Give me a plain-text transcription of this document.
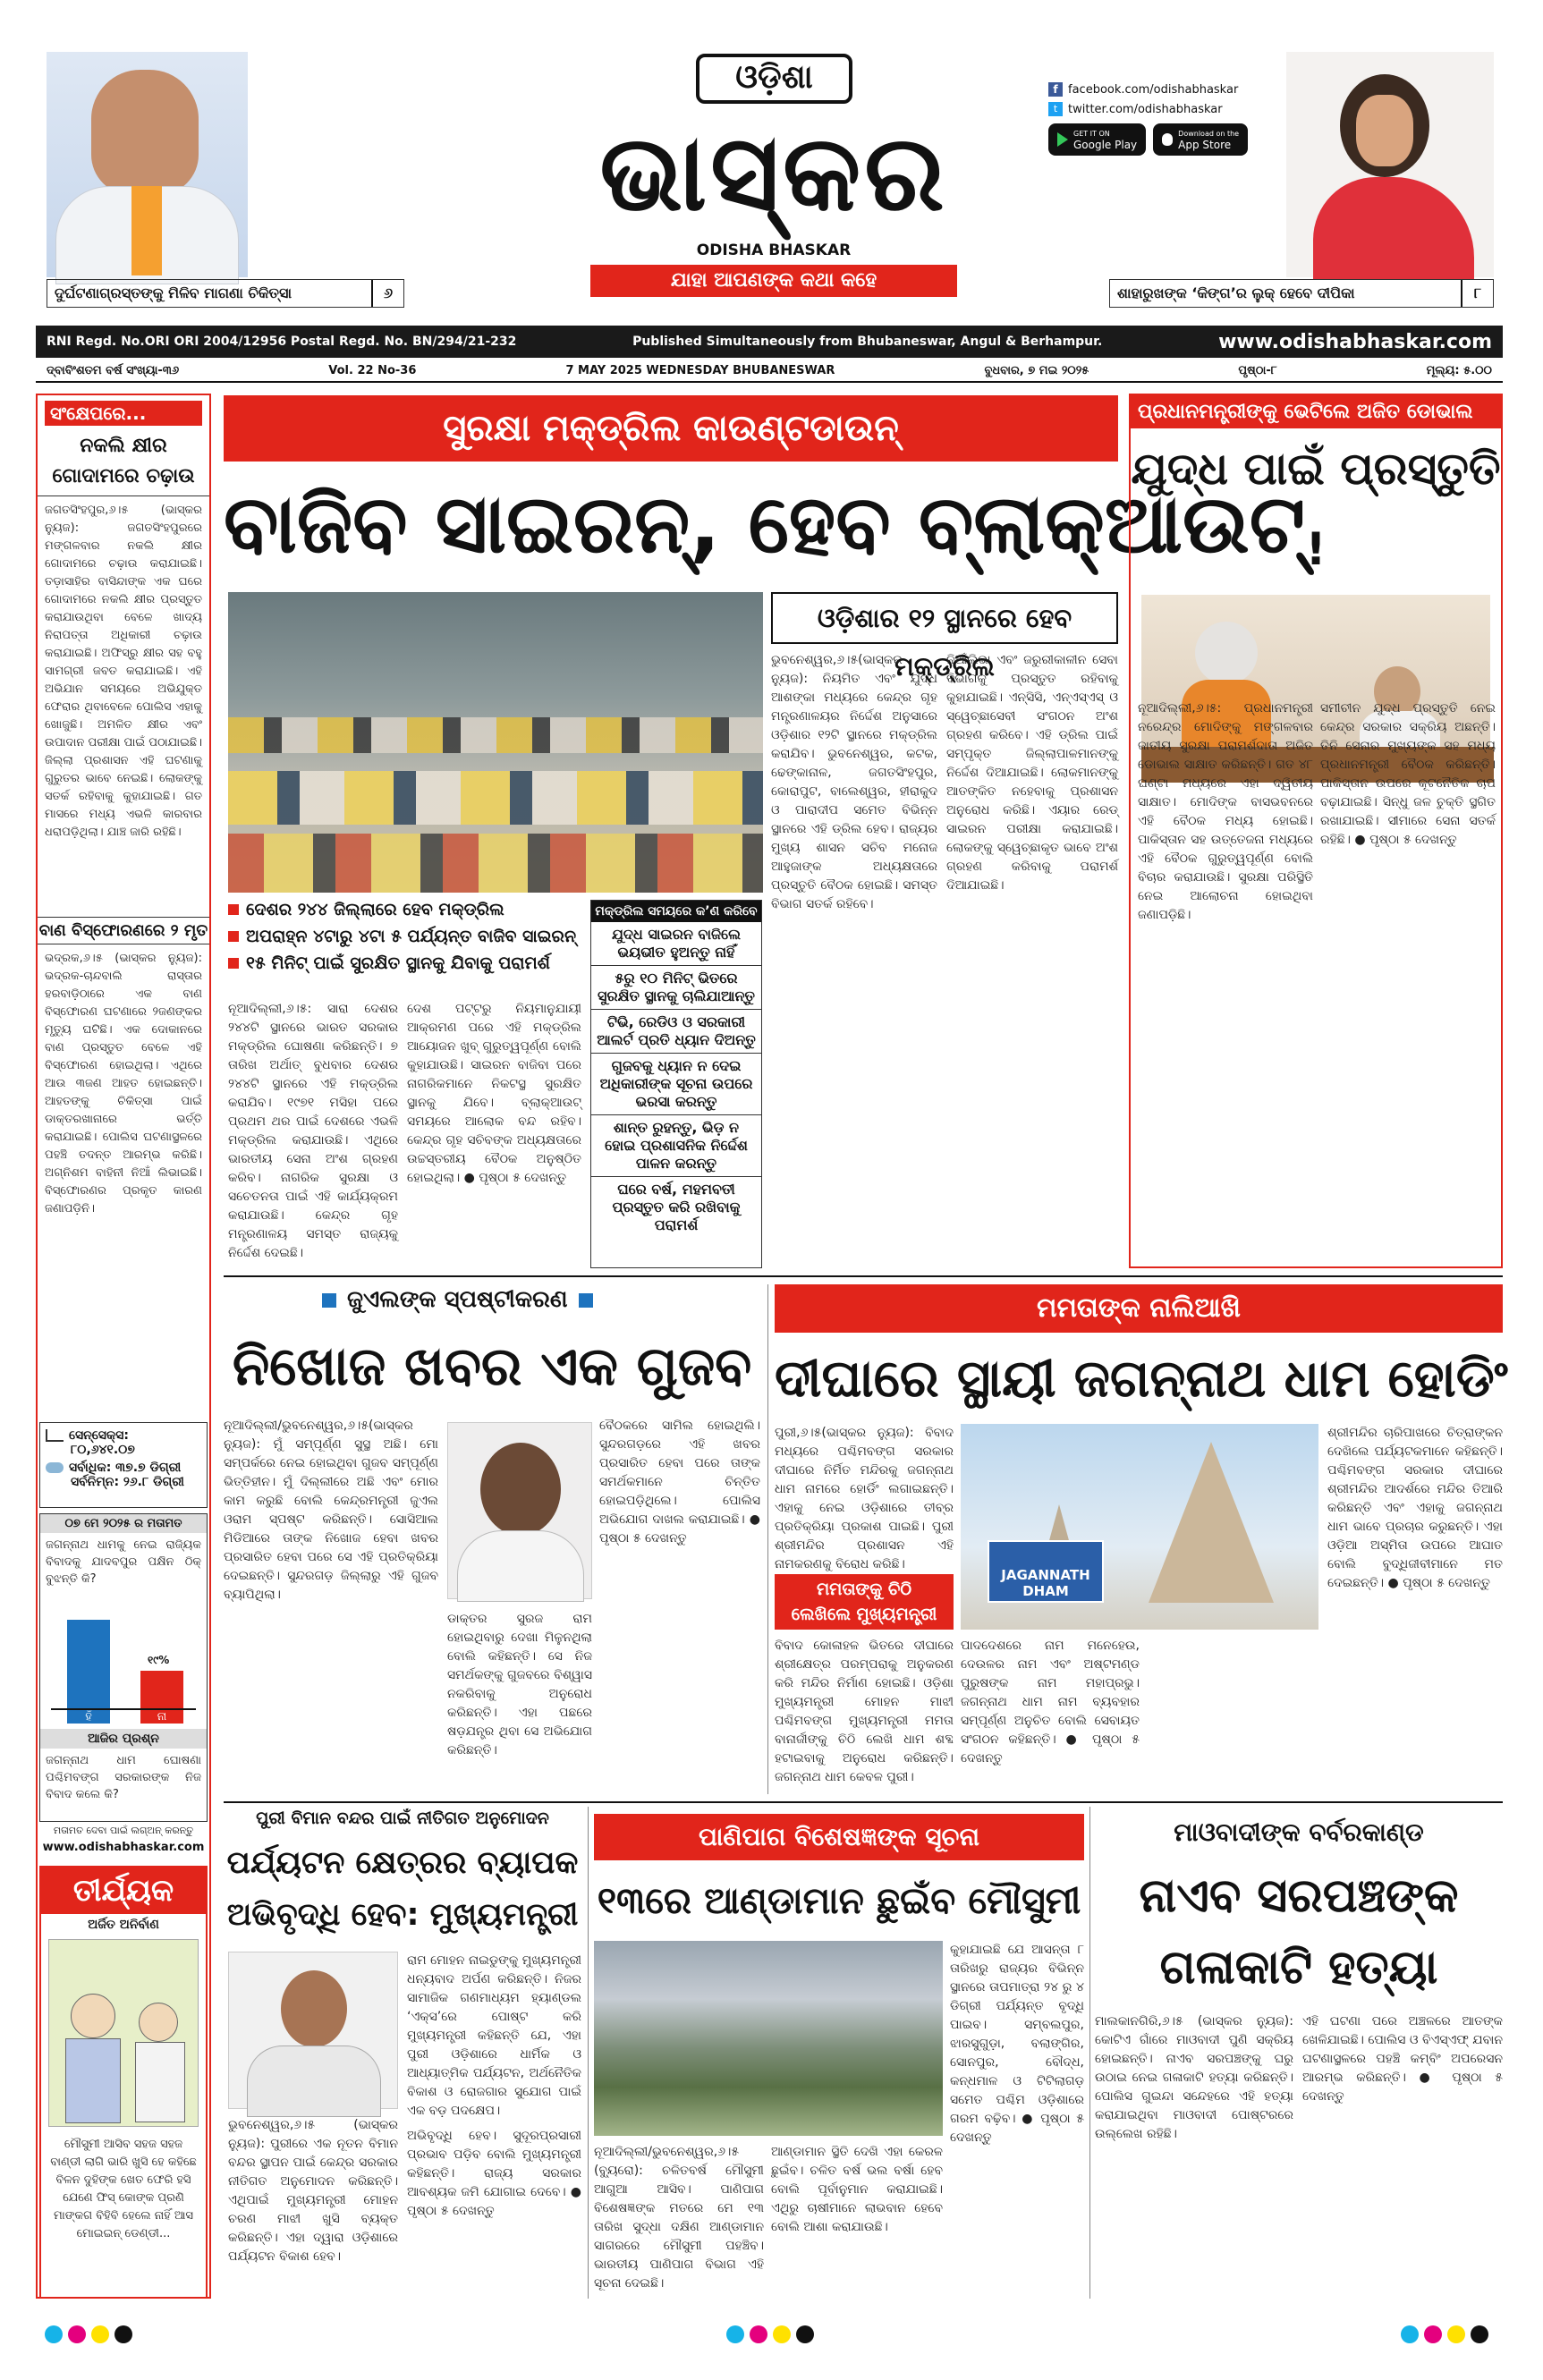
ଓଡ଼ିଶା
ଭାସ୍କର
ODISHA BHASKAR
ଯାହା ଆପଣଙ୍କ କଥା କହେ
f facebook.com/odishabhaskar
t twitter.com/odishabhaskar
GET IT ON
Google Play
Download on the
App Store
ଦୁର୍ଘଟଣାଗ୍ରସ୍ତଙ୍କୁ ମିଳିବ ମାଗଣା ଚିକିତ୍ସା	୬	ଶାହାରୁଖଙ୍କ ‘କିଙ୍ଗ’ର ଲୁକ୍ ହେବେ ଦୀପିକା	୮
RNI Regd. No.ORI ORI 2004/12956 Postal Regd. No. BN/294/21-232	Published Simultaneously from Bhubaneswar, Angul & Berhampur.	www.odishabhaskar.com
ଦ୍ବାବିଂଶତମ ବର୍ଷ ସଂଖ୍ୟା-୩୬	Vol. 22 No-36	7 MAY 2025 WEDNESDAY BHUBANESWAR	ବୁଧବାର, ୭ ମଇ ୨୦୨୫	ପୃଷ୍ଠା-୮	ମୂଲ୍ୟ: ୫.୦୦
ସଂକ୍ଷେପରେ...
ନକଲି କ୍ଷୀର
ଗୋଦାମରେ ଚଢ଼ାଉ
ଜଗତସିଂହପୁର,୬।୫ (ଭାସ୍କର ନ୍ୟୁଜ): ଜଗତସିଂହପୁରରେ ମଙ୍ଗଳବାର ନକଲି କ୍ଷୀର ଗୋଦାମରେ ଚଢ଼ାଉ କରାଯାଇଛି। ତଡ଼ାସାହିର ବାସିନ୍ଦାଙ୍କ ଏକ ଘରେ ଗୋଦାମରେ ନକଲି କ୍ଷୀର ପ୍ରସ୍ତୁତ କରାଯାଉଥିବା ବେଳେ ଖାଦ୍ୟ ନିରାପତ୍ତା ଅଧିକାରୀ ଚଢ଼ାଉ କରାଯାଇଛି। ଅଫିସ୍ରୁ କ୍ଷୀର ସହ ବହୁ ସାମଗ୍ରୀ ଜବତ କରାଯାଇଛି। ଏହି ଅଭିଯାନ ସମୟରେ ଅଭିଯୁକ୍ତ ଫେରାର ଥିବାବେଳେ ପୋଲିସ ଏହାକୁ ଖୋଜୁଛି। ଅମଳିତ କ୍ଷୀର ଏବଂ ଉପାଦାନ ପରୀକ୍ଷା ପାଇଁ ପଠାଯାଇଛି। ଜିଲ୍ଲା ପ୍ରଶାସନ ଏହି ଘଟଣାକୁ ଗୁରୁତର ଭାବେ ନେଇଛି। ଲୋକଙ୍କୁ ସତର୍କ ରହିବାକୁ କୁହାଯାଇଛି। ଗତ ମାସରେ ମଧ୍ୟ ଏଭଳି କାରବାର ଧରାପଡ଼ିଥିଲା। ଯାଞ୍ଚ ଜାରି ରହିଛି।
ବାଣ ବିସ୍ଫୋରଣରେ ୨ ମୃତ
ଭଦ୍ରକ,୬।୫ (ଭାସ୍କର ନ୍ୟୁଜ): ଭଦ୍ରକ-ଚାନ୍ଦବାଲି ରାସ୍ତାର ହରବାଡ଼ିଠାରେ ଏକ ବାଣ ବିସ୍ଫୋରଣ ଘଟଣାରେ ୨ଜଣଙ୍କର ମୃତ୍ୟୁ ଘଟିଛି। ଏକ ଦୋକାନରେ ବାଣ ପ୍ରସ୍ତୁତ ବେଳେ ଏହି ବିସ୍ଫୋରଣ ହୋଇଥିଲା। ଏଥିରେ ଆଉ ୩ଜଣ ଆହତ ହୋଇଛନ୍ତି। ଆହତଙ୍କୁ ଚିକିତ୍ସା ପାଇଁ ଡାକ୍ତରଖାନାରେ ଭର୍ତ୍ତି କରାଯାଇଛି। ପୋଲିସ ଘଟଣାସ୍ଥଳରେ ପହଞ୍ଚି ତଦନ୍ତ ଆରମ୍ଭ କରିଛି। ଅଗ୍ନିଶମ ବାହିନୀ ନିଆଁ ଲିଭାଇଛି। ବିସ୍ଫୋରଣର ପ୍ରକୃତ କାରଣ ଜଣାପଡ଼ିନି।
ସେନ୍‌ସେକ୍ସ:
୮୦,୬୪୧.୦୭
ସର୍ବାଧିକ: ୩୭.୭ ଡିଗ୍ରୀ
ସର୍ବନିମ୍ନ: ୨୬.୮ ଡିଗ୍ରୀ
୦୭ ମେ ୨୦୨୫ ର ମତାମତ
ଜଗନ୍ନାଥ ଧାମକୁ ନେଇ ରାଜ୍ୟିକ ବିବାଦକୁ ଯାଦବପୁର ପକ୍ଷିନ ଠିକ୍ ବୁଝନ୍ତି କି?
୧୯%
ହଁ	ନା
ଆଜିର ପ୍ରଶ୍ନ
ଜଗନ୍ନାଥ ଧାମ ଘୋଷଣା ପଶ୍ଚିମବଙ୍ଗ ସରକାରଙ୍କ ନିଜ ବିବାଦ କଲେ କି?
ମତାମତ ଦେବା ପାଇଁ ଲଗ୍‌ଅନ୍ କରନ୍ତୁ
www.odishabhaskar.com
ତୀର୍ଯ୍ୟକ
ଅର୍ଜିତ ଅନିର୍ବାଣ
ମୌସୁମୀ ଆସିବ ସହଜ ସହଜ ବାଣ୍ଡୀ ଲାଗି ଭାରି ଖୁସି ହେ କହିଛେ ବିଳନ ଦୁହିଙ୍କ ଖେତ ଫେରି ହସି ଯେଣେ ଫିସ୍ କୋଙ୍କ ପ୍ରଣି ମାଙ୍କଗ ବିହିବି ହେଲେ ନାହିଁ ଆସ ମୋଇଇନ୍ ଡେଣ୍ଡୀ...
ସୁରକ୍ଷା ମକ୍‌ଡ୍ରିଲ କାଉଣ୍ଟଡାଉନ୍
ବାଜିବ ସାଇରନ୍, ହେବ ବ୍ଲାକ୍‌ଆଉଟ୍
ଓଡ଼ିଶାର ୧୨ ସ୍ଥାନରେ ହେବ ମକ୍‌ଡ୍ରିଲ
ଭୁବନେଶ୍ୱର,୬।୫(ଭାସ୍କର ନ୍ୟୁଜ): ନିୟମିତ ଏବଂ ଯୁଦ୍ଧ ଆଶଙ୍କା ମଧ୍ୟରେ କେନ୍ଦ୍ର ଗୃହ ମନ୍ତ୍ରଣାଳୟର ନିର୍ଦ୍ଦେଶ ଅନୁସାରେ ଓଡ଼ିଶାର ୧୨ଟି ସ୍ଥାନରେ ମକ୍‌ଡ୍ରିଲ କରାଯିବ। ଭୁବନେଶ୍ୱର, କଟକ, ଢେଙ୍କାନାଳ, ଜଗତସିଂହପୁର, କୋରାପୁଟ, ବାଲେଶ୍ୱର, ହୀରାକୁଦ ଓ ପାରାଦୀପ ସମେତ ବିଭିନ୍ନ ସ୍ଥାନରେ ଏହି ଡ୍ରିଲ ହେବ। ରାଜ୍ୟର ମୁଖ୍ୟ ଶାସନ ସଚିବ ମନୋଜ ଆହୁଜାଙ୍କ ଅଧ୍ୟକ୍ଷତାରେ ପ୍ରସ୍ତୁତି ବୈଠକ ହୋଇଛି। ସମସ୍ତ ବିଭାଗ ସତର୍କ ରହିବେ।
ନିଆଁଲିଭା ଏବଂ ଜରୁରୀକାଳୀନ ସେବା ବିଭାଗକୁ ପ୍ରସ୍ତୁତ ରହିବାକୁ କୁହାଯାଇଛି। ଏନ୍‌ସିସି, ଏନ୍‌ଏସ୍‌ଏସ୍ ଓ ସ୍ୱେଚ୍ଛାସେବୀ ସଂଗଠନ ଅଂଶ ଗ୍ରହଣ କରିବେ। ଏହି ଡ୍ରିଲ ପାଇଁ ସମ୍ପୃକ୍ତ ଜିଲ୍ଲାପାଳମାନଙ୍କୁ ନିର୍ଦ୍ଦେଶ ଦିଆଯାଇଛି। ଲୋକମାନଙ୍କୁ ଆତଙ୍କିତ ନହେବାକୁ ପ୍ରଶାସନ ଅନୁରୋଧ କରିଛି। ଏୟାର ରେଡ୍ ସାଇରନ ପରୀକ୍ଷା କରାଯାଇଛି। ଲୋକଙ୍କୁ ସ୍ୱେଚ୍ଛାକୃତ ଭାବେ ଅଂଶ ଗ୍ରହଣ କରିବାକୁ ପରାମର୍ଶ ଦିଆଯାଇଛି।
ଦେଶର ୨୪୪ ଜିଲ୍ଲାରେ ହେବ ମକ୍‌ଡ୍ରିଲ
ଅପରାହ୍ନ ୪ଟାରୁ ୪ଟା ୫ ପର୍ଯ୍ୟନ୍ତ ବାଜିବ ସାଇରନ୍
୧୫ ମିନିଟ୍ ପାଇଁ ସୁରକ୍ଷିତ ସ୍ଥାନକୁ ଯିବାକୁ ପରାମର୍ଶ
ମକ୍‌ଡ୍ରିଲ ସମୟରେ କ’ଣ କରିବେ
ଯୁଦ୍ଧ ସାଇରନ ବାଜିଲେ ଭୟଭୀତ ହୁଅନ୍ତୁ ନାହିଁ
୫ରୁ ୧୦ ମିନିଟ୍ ଭିତରେ ସୁରକ୍ଷିତ ସ୍ଥାନକୁ ଚାଲିଯାଆନ୍ତୁ
ଟିଭି, ରେଡିଓ ଓ ସରକାରୀ ଆଲର୍ଟ ପ୍ରତି ଧ୍ୟାନ ଦିଅନ୍ତୁ
ଗୁଜବକୁ ଧ୍ୟାନ ନ ଦେଇ ଅଧିକାରୀଙ୍କ ସୂଚନା ଉପରେ ଭରସା କରନ୍ତୁ
ଶାନ୍ତ ରୁହନ୍ତୁ, ଭିଡ଼ ନ ହୋଇ ପ୍ରଶାସନିକ ନିର୍ଦ୍ଦେଶ ପାଳନ କରନ୍ତୁ
ଘରେ ବର୍ଷ, ମହମବତୀ ପ୍ରସ୍ତୁତ କରି ରଖିବାକୁ ପରାମର୍ଶ
ନୂଆଦିଲ୍ଲୀ,୬।୫: ସାରା ଦେଶର ୨୪୪ଟି ସ୍ଥାନରେ ଭାରତ ସରକାର ମକ୍‌ଡ୍ରିଲ ଘୋଷଣା କରିଛନ୍ତି। ୭ ତାରିଖ ଅର୍ଥାତ୍ ବୁଧବାର ଦେଶର ୨୪୪ଟି ସ୍ଥାନରେ ଏହି ମକ୍‌ଡ୍ରିଲ କରାଯିବ। ୧୯୭୧ ମସିହା ପରେ ପ୍ରଥମ ଥର ପାଇଁ ଦେଶରେ ଏଭଳି ମକ୍‌ଡ୍ରିଲ କରାଯାଉଛି। ଏଥିରେ ଭାରତୀୟ ସେନା ଅଂଶ ଗ୍ରହଣ କରିବ। ନାଗରିକ ସୁରକ୍ଷା ଓ ସଚେତନତା ପାଇଁ ଏହି କାର୍ଯ୍ୟକ୍ରମ କରାଯାଉଛି। କେନ୍ଦ୍ର ଗୃହ ମନ୍ତ୍ରଣାଳୟ ସମସ୍ତ ରାଜ୍ୟକୁ ନିର୍ଦ୍ଦେଶ ଦେଇଛି।
ଦେଶ ପଟ୍ଟରୁ ନିୟମାନୁଯାୟୀ ଆକ୍ରମଣ ପରେ ଏହି ମକ୍‌ଡ୍ରିଲ ଆୟୋଜନ ଖୁବ୍ ଗୁରୁତ୍ୱପୂର୍ଣ୍ଣ ବୋଲି କୁହାଯାଉଛି। ସାଇରନ ବାଜିବା ପରେ ନାଗରିକମାନେ ନିକଟସ୍ଥ ସୁରକ୍ଷିତ ସ୍ଥାନକୁ ଯିବେ। ବ୍ଲାକ୍‌ଆଉଟ୍ ସମୟରେ ଆଲୋକ ବନ୍ଦ ରହିବ। କେନ୍ଦ୍ର ଗୃହ ସଚିବଙ୍କ ଅଧ୍ୟକ୍ଷତାରେ ଉଚ୍ଚସ୍ତରୀୟ ବୈଠକ ଅନୁଷ୍ଠିତ ହୋଇଥିଲା। ● ପୃଷ୍ଠା ୫ ଦେଖନ୍ତୁ
ପ୍ରଧାନମନ୍ତ୍ରୀଙ୍କୁ ଭେଟିଲେ ଅଜିତ ଡୋଭାଲ
ଯୁଦ୍ଧ ପାଇଁ ପ୍ରସ୍ତୁତି !
ନୂଆଦିଲ୍ଲୀ,୬।୫: ପ୍ରଧାନମନ୍ତ୍ରୀ ନରେନ୍ଦ୍ର ମୋଦିଙ୍କୁ ମଙ୍ଗଳବାର ଜାତୀୟ ସୁରକ୍ଷା ପରାମର୍ଶଦାତା ଅଜିତ ଡୋଭାଲ ସାକ୍ଷାତ କରିଛନ୍ତି। ଗତ ୪୮ ଘଣ୍ଟା ମଧ୍ୟରେ ଏହା ଦ୍ୱିତୀୟ ସାକ୍ଷାତ। ମୋଦିଙ୍କ ବାସଭବନରେ ଏହି ବୈଠକ ମଧ୍ୟ ହୋଇଛି। ପାକିସ୍ତାନ ସହ ଉତ୍ତେଜନା ମଧ୍ୟରେ ଏହି ବୈଠକ ଗୁରୁତ୍ୱପୂର୍ଣ୍ଣ ବୋଲି ବିଚାର କରାଯାଉଛି। ସୁରକ୍ଷା ପରିସ୍ଥିତି ନେଇ ଆଲୋଚନା ହୋଇଥିବା ଜଣାପଡ଼ିଛି।
ସମୀଚୀନ ଯୁଦ୍ଧ ପ୍ରସ୍ତୁତି ନେଇ କେନ୍ଦ୍ର ସରକାର ସକ୍ରିୟ ଅଛନ୍ତି। ତିନି ସେନାର ମୁଖ୍ୟଙ୍କ ସହ ମଧ୍ୟ ପ୍ରଧାନମନ୍ତ୍ରୀ ବୈଠକ କରିଛନ୍ତି। ପାକିସ୍ତାନ ଉପରେ କୂଟନୈତିକ ଚାପ ବଢ଼ାଯାଇଛି। ସିନ୍ଧୁ ଜଳ ଚୁକ୍ତି ସ୍ଥଗିତ ରଖାଯାଇଛି। ସୀମାରେ ସେନା ସତର୍କ ରହିଛି। ● ପୃଷ୍ଠା ୫ ଦେଖନ୍ତୁ
ଜୁଏଲଙ୍କ ସ୍ପଷ୍ଟୀକରଣ
ନିଖୋଜ ଖବର ଏକ ଗୁଜବ
ନୂଆଦିଲ୍ଲୀ/ଭୁବନେଶ୍ୱର,୬।୫(ଭାସ୍କର ନ୍ୟୁଜ): ମୁଁ ସମ୍ପୂର୍ଣ୍ଣ ସୁସ୍ଥ ଅଛି। ମୋ ସମ୍ପର୍କରେ ନେଇ ହୋଇଥିବା ଗୁଜବ ସମ୍ପୂର୍ଣ୍ଣ ଭିତ୍ତିହୀନ। ମୁଁ ଦିଲ୍ଲୀରେ ଅଛି ଏବଂ ମୋର କାମ କରୁଛି ବୋଲି କେନ୍ଦ୍ରମନ୍ତ୍ରୀ ଜୁଏଲ ଓରାମ ସ୍ପଷ୍ଟ କରିଛନ୍ତି। ସୋସିଆଲ ମିଡିଆରେ ତାଙ୍କ ନିଖୋଜ ହେବା ଖବର ପ୍ରସାରିତ ହେବା ପରେ ସେ ଏହି ପ୍ରତିକ୍ରିୟା ଦେଇଛନ୍ତି। ସୁନ୍ଦରଗଡ଼ ଜିଲ୍ଲାରୁ ଏହି ଗୁଜବ ବ୍ୟାପିଥିଲା।
ଡାକ୍ତର ସୁରଜ ରାମ ହୋଇଥିବାରୁ ଦେଖା ମିଳୁନଥିଲା ବୋଲି କହିଛନ୍ତି। ସେ ନିଜ ସମର୍ଥକଙ୍କୁ ଗୁଜବରେ ବିଶ୍ୱାସ ନକରିବାକୁ ଅନୁରୋଧ କରିଛନ୍ତି। ଏହା ପଛରେ ଷଡ଼ଯନ୍ତ୍ର ଥିବା ସେ ଅଭିଯୋଗ କରିଛନ୍ତି।
ବୈଠକରେ ସାମିଲ ହୋଇଥିଲି। ସୁନ୍ଦରଗଡ଼ରେ ଏହି ଖବର ପ୍ରସାରିତ ହେବା ପରେ ତାଙ୍କ ସମର୍ଥକମାନେ ଚିନ୍ତିତ ହୋଇପଡ଼ିଥିଲେ। ପୋଲିସ ଅଭିଯୋଗ ଦାଖଲ କରାଯାଇଛି। ● ପୃଷ୍ଠା ୫ ଦେଖନ୍ତୁ
ମମତାଙ୍କ ନାଲିଆଖି
ଦୀଘାରେ ସ୍ଥାୟୀ ଜଗନ୍ନାଥ ଧାମ ହୋଡିଂ
ପୁରୀ,୬।୫(ଭାସ୍କର ନ୍ୟୁଜ): ବିବାଦ ମଧ୍ୟରେ ପଶ୍ଚିମବଙ୍ଗ ସରକାର ଦୀଘାରେ ନିର୍ମିତ ମନ୍ଦିରକୁ ଜଗନ୍ନାଥ ଧାମ ନାମରେ ହୋର୍ଡିଂ ଲଗାଇଛନ୍ତି। ଏହାକୁ ନେଇ ଓଡ଼ିଶାରେ ତୀବ୍ର ପ୍ରତିକ୍ରିୟା ପ୍ରକାଶ ପାଇଛି। ପୁରୀ ଶ୍ରୀମନ୍ଦିର ପ୍ରଶାସନ ଏହି ନାମକରଣକୁ ବିରୋଧ କରିଛି।
JAGANNATH DHAM
ମମତାଙ୍କୁ ଚିଠି
ଲେଖିଲେ ମୁଖ୍ୟମନ୍ତ୍ରୀ
ବିବାଦ କୋଳାହଳ ଭିତରେ ଦୀଘାରେ ଶ୍ରୀକ୍ଷେତ୍ର ପରମ୍ପରାକୁ ଅନୁକରଣ କରି ମନ୍ଦିର ନିର୍ମାଣ ହୋଇଛି। ଓଡ଼ିଶା ମୁଖ୍ୟମନ୍ତ୍ରୀ ମୋହନ ମାଝୀ ପଶ୍ଚିମବଙ୍ଗ ମୁଖ୍ୟମନ୍ତ୍ରୀ ମମତା ବାନାର୍ଜୀଙ୍କୁ ଚିଠି ଲେଖି ଧାମ ଶବ୍ଦ ହଟାଇବାକୁ ଅନୁରୋଧ କରିଛନ୍ତି। ଜଗନ୍ନାଥ ଧାମ କେବଳ ପୁରୀ।
ପାଦଦେଶରେ ନାମ ମନେହେଉ, ଦେଉଳର ନାମ ଏବଂ ଅଷ୍ଟମଣ୍ଡ ପୁରୁଷଙ୍କ ନାମ ମହାପ୍ରଭୁ। ଜଗନ୍ନାଥ ଧାମ ନାମ ବ୍ୟବହାର ସମ୍ପୂର୍ଣ୍ଣ ଅନୁଚିତ ବୋଲି ସେବାୟତ ସଂଗଠନ କହିଛନ୍ତି। ● ପୃଷ୍ଠା ୫ ଦେଖନ୍ତୁ
ଶ୍ରୀମନ୍ଦିର ଚାରିପାଖରେ ଚିତ୍ରାଙ୍କନ ଦେଖିଲେ ପର୍ଯ୍ୟଟକମାନେ କହିଛନ୍ତି। ପଶ୍ଚିମବଙ୍ଗ ସରକାର ଦୀଘାରେ ଶ୍ରୀମନ୍ଦିର ଆଦର୍ଶରେ ମନ୍ଦିର ତିଆରି କରିଛନ୍ତି ଏବଂ ଏହାକୁ ଜଗନ୍ନାଥ ଧାମ ଭାବେ ପ୍ରଚାର କରୁଛନ୍ତି। ଏହା ଓଡ଼ିଆ ଅସ୍ମିତା ଉପରେ ଆଘାତ ବୋଲି ବୁଦ୍ଧିଜୀବୀମାନେ ମତ ଦେଇଛନ୍ତି। ● ପୃଷ୍ଠା ୫ ଦେଖନ୍ତୁ
ପୁରୀ ବିମାନ ବନ୍ଦର ପାଇଁ ନୀତିଗତ ଅନୁମୋଦନ
ପର୍ଯ୍ୟଟନ କ୍ଷେତ୍ରର ବ୍ୟାପକ
ଅଭିବୃଦ୍ଧି ହେବ: ମୁଖ୍ୟମନ୍ତ୍ରୀ
ରାମ ମୋହନ ନାଇଡୁଙ୍କୁ ମୁଖ୍ୟମନ୍ତ୍ରୀ ଧନ୍ୟବାଦ ଅର୍ପଣ କରିଛନ୍ତି। ନିଜର ସାମାଜିକ ଗଣମାଧ୍ୟମ ହ୍ୟାଣ୍ଡଲ ‘ଏକ୍ସ’ରେ ପୋଷ୍ଟ କରି ମୁଖ୍ୟମନ୍ତ୍ରୀ କହିଛନ୍ତି ଯେ, ଏହା ପୁରୀ ଓଡ଼ିଶାରେ ଧାର୍ମିକ ଓ ଆଧ୍ୟାତ୍ମିକ ପର୍ଯ୍ୟଟନ, ଅର୍ଥନୈତିକ ବିକାଶ ଓ ରୋଜଗାର ସୁଯୋଗ ପାଇଁ ଏକ ବଡ଼ ପଦକ୍ଷେପ।
ଭୁବନେଶ୍ୱର,୬।୫ (ଭାସ୍କର ନ୍ୟୁଜ): ପୁରୀରେ ଏକ ନୂତନ ବିମାନ ବନ୍ଦର ସ୍ଥାପନ ପାଇଁ କେନ୍ଦ୍ର ସରକାର ନୀତିଗତ ଅନୁମୋଦନ କରିଛନ୍ତି। ଏଥିପାଇଁ ମୁଖ୍ୟମନ୍ତ୍ରୀ ମୋହନ ଚରଣ ମାଝୀ ଖୁସି ବ୍ୟକ୍ତ କରିଛନ୍ତି। ଏହା ଦ୍ୱାରା ଓଡ଼ିଶାରେ ପର୍ଯ୍ୟଟନ ବିକାଶ ହେବ।
ଅଭିବୃଦ୍ଧି ହେବ। ସୁଦୂରପ୍ରସାରୀ ପ୍ରଭାବ ପଡ଼ିବ ବୋଲି ମୁଖ୍ୟମନ୍ତ୍ରୀ କହିଛନ୍ତି। ରାଜ୍ୟ ସରକାର ଆବଶ୍ୟକ ଜମି ଯୋଗାଇ ଦେବେ। ● ପୃଷ୍ଠା ୫ ଦେଖନ୍ତୁ
ପାଣିପାଗ ବିଶେଷଜ୍ଞଙ୍କ ସୂଚନା
୧୩ରେ ଆଣ୍ଡାମାନ ଛୁଇଁବ ମୌସୁମୀ
କୁହାଯାଇଛି ଯେ ଆସନ୍ତା ୮ ତାରିଖରୁ ରାଜ୍ୟର ବିଭିନ୍ନ ସ୍ଥାନରେ ତାପମାତ୍ରା ୨୪ ରୁ ୪ ଡିଗ୍ରୀ ପର୍ଯ୍ୟନ୍ତ ବୃଦ୍ଧି ପାଇବ। ସମ୍ବଲପୁର, ଝାରସୁଗୁଡ଼ା, ବଲାଙ୍ଗିର, ସୋନପୁର, ବୌଦ୍ଧ, କନ୍ଧମାଳ ଓ ଟିଟିଲାଗଡ଼ ସମେତ ପଶ୍ଚିମ ଓଡ଼ିଶାରେ ଗରମ ବଢ଼ିବ। ● ପୃଷ୍ଠା ୫ ଦେଖନ୍ତୁ
ନୂଆଦିଲ୍ଲୀ/ଭୁବନେଶ୍ୱର,୬।୫ (ବ୍ୟୁରୋ): ଚଳିତବର୍ଷ ମୌସୁମୀ ଆଗୁଆ ଆସିବ। ପାଣିପାଗ ବିଶେଷଜ୍ଞଙ୍କ ମତରେ ମେ ୧୩ ତାରିଖ ସୁଦ୍ଧା ଦକ୍ଷିଣ ଆଣ୍ଡାମାନ ସାଗରରେ ମୌସୁମୀ ପହଞ୍ଚିବ। ଭାରତୀୟ ପାଣିପାଗ ବିଭାଗ ଏହି ସୂଚନା ଦେଇଛି।
ଆଣ୍ଡାମାନ ସ୍ଥିତି ଦେଖି ଏହା କେରଳ ଛୁଇଁବ। ଚଳିତ ବର୍ଷ ଭଲ ବର୍ଷା ହେବ ବୋଲି ପୂର୍ବାନୁମାନ କରାଯାଇଛି। ଏଥିରୁ ଚାଷୀମାନେ ଲାଭବାନ ହେବେ ବୋଲି ଆଶା କରାଯାଉଛି।
ମାଓବାଦୀଙ୍କ ବର୍ବରକାଣ୍ଡ
ନାଏବ ସରପଞ୍ଚଙ୍କ
ଗଳାକାଟି ହତ୍ୟା
ମାଲକାନଗିରି,୬।୫ (ଭାସ୍କର ନ୍ୟୁଜ): କୋଟିଏ ଗାଁରେ ମାଓବାଦୀ ପୁଣି ସକ୍ରିୟ ହୋଇଛନ୍ତି। ନାଏବ ସରପଞ୍ଚଙ୍କୁ ଘରୁ ଉଠାଇ ନେଇ ଗଳାକାଟି ହତ୍ୟା କରିଛନ୍ତି। ପୋଲିସ ଗୁଇନ୍ଦା ସନ୍ଦେହରେ ଏହି ହତ୍ୟା କରାଯାଇଥିବା ମାଓବାଦୀ ପୋଷ୍ଟରରେ ଉଲ୍ଲେଖ ରହିଛି।
ଏହି ଘଟଣା ପରେ ଅଞ୍ଚଳରେ ଆତଙ୍କ ଖେଳିଯାଇଛି। ପୋଲିସ ଓ ବିଏସ୍‌ଏଫ୍ ଯବାନ ଘଟଣାସ୍ଥଳରେ ପହଞ୍ଚି କମ୍ବିଂ ଅପରେସନ ଆରମ୍ଭ କରିଛନ୍ତି। ● ପୃଷ୍ଠା ୫ ଦେଖନ୍ତୁ
